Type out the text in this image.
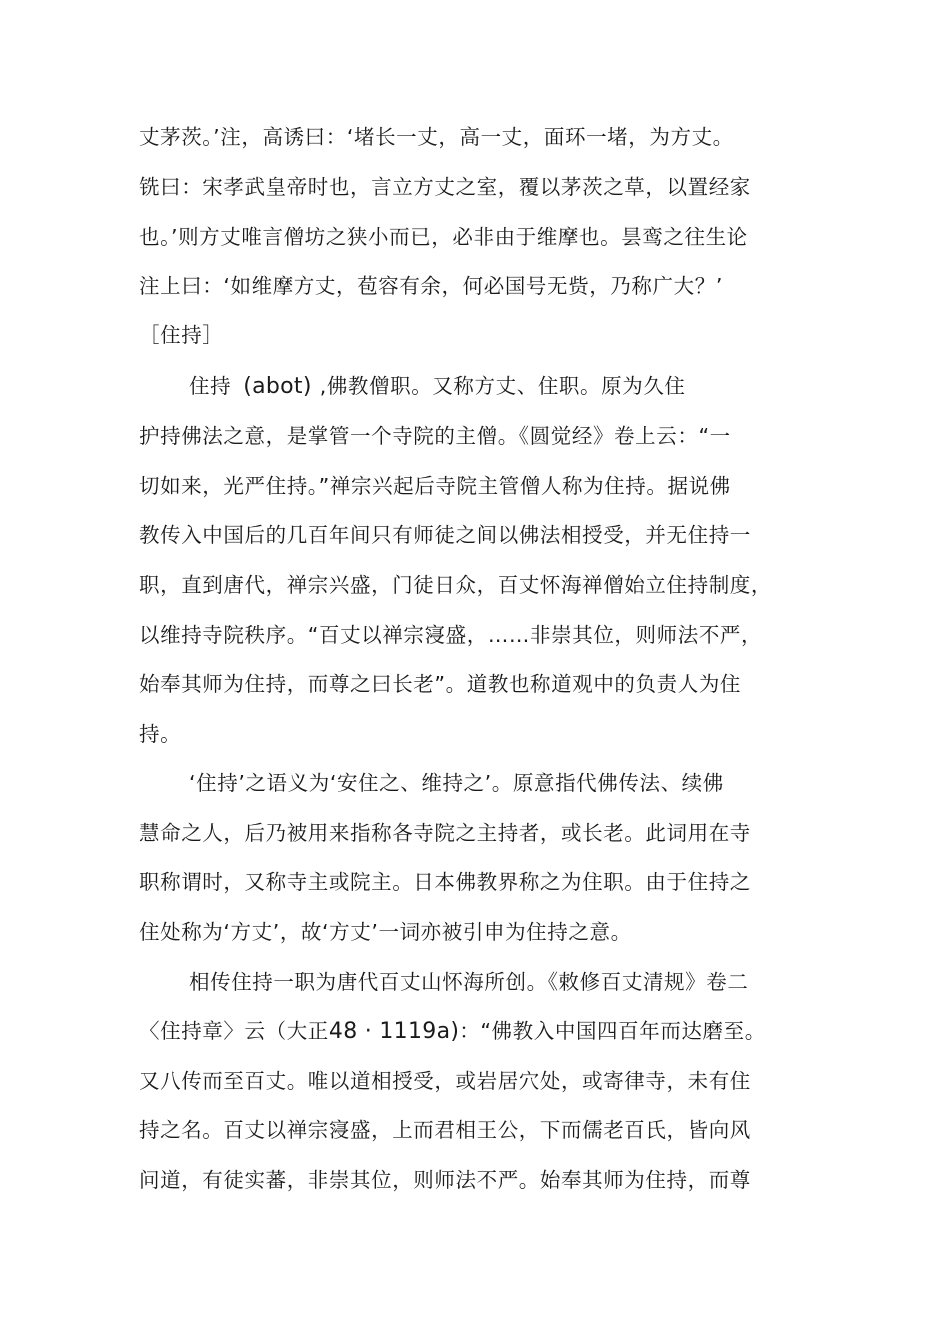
丈茅茨。’注，高诱曰：‘堵长一丈，高一丈，面环一堵，为方丈。
铣曰：宋孝武皇帝时也，言立方丈之室，覆以茅茨之草，以置经家
也。’则方丈唯言僧坊之狭小而已，必非由于维摩也。昙鸾之往生论
注上曰：‘如维摩方丈，苞容有余，何必国号无赀，乃称广大？’
［住持］
住持 (abot) ,佛教僧职。又称方丈、住职。原为久住
护持佛法之意，是掌管一个寺院的主僧。《圆觉经》卷上云：“一
切如来，光严住持。”禅宗兴起后寺院主管僧人称为住持。据说佛
教传入中国后的几百年间只有师徒之间以佛法相授受，并无住持一
职，直到唐代，禅宗兴盛，门徒日众，百丈怀海禅僧始立住持制度，
以维持寺院秩序。“百丈以禅宗寖盛，……非崇其位，则师法不严，
始奉其师为住持，而尊之曰长老”。道教也称道观中的负责人为住
持。
‘住持’之语义为‘安住之、维持之’。原意指代佛传法、续佛
慧命之人，后乃被用来指称各寺院之主持者，或长老。此词用在寺
职称谓时，又称寺主或院主。日本佛教界称之为住职。由于住持之
住处称为‘方丈’，故‘方丈’一词亦被引申为住持之意。
相传住持一职为唐代百丈山怀海所创。《敕修百丈清规》卷二
〈住持章〉云（大正48 · 1119a)：“佛教入中国四百年而达磨至。
又八传而至百丈。唯以道相授受，或岩居穴处，或寄律寺，未有住
持之名。百丈以禅宗寖盛，上而君相王公，下而儒老百氏，皆向风
问道，有徒实蕃，非崇其位，则师法不严。始奉其师为住持，而尊
